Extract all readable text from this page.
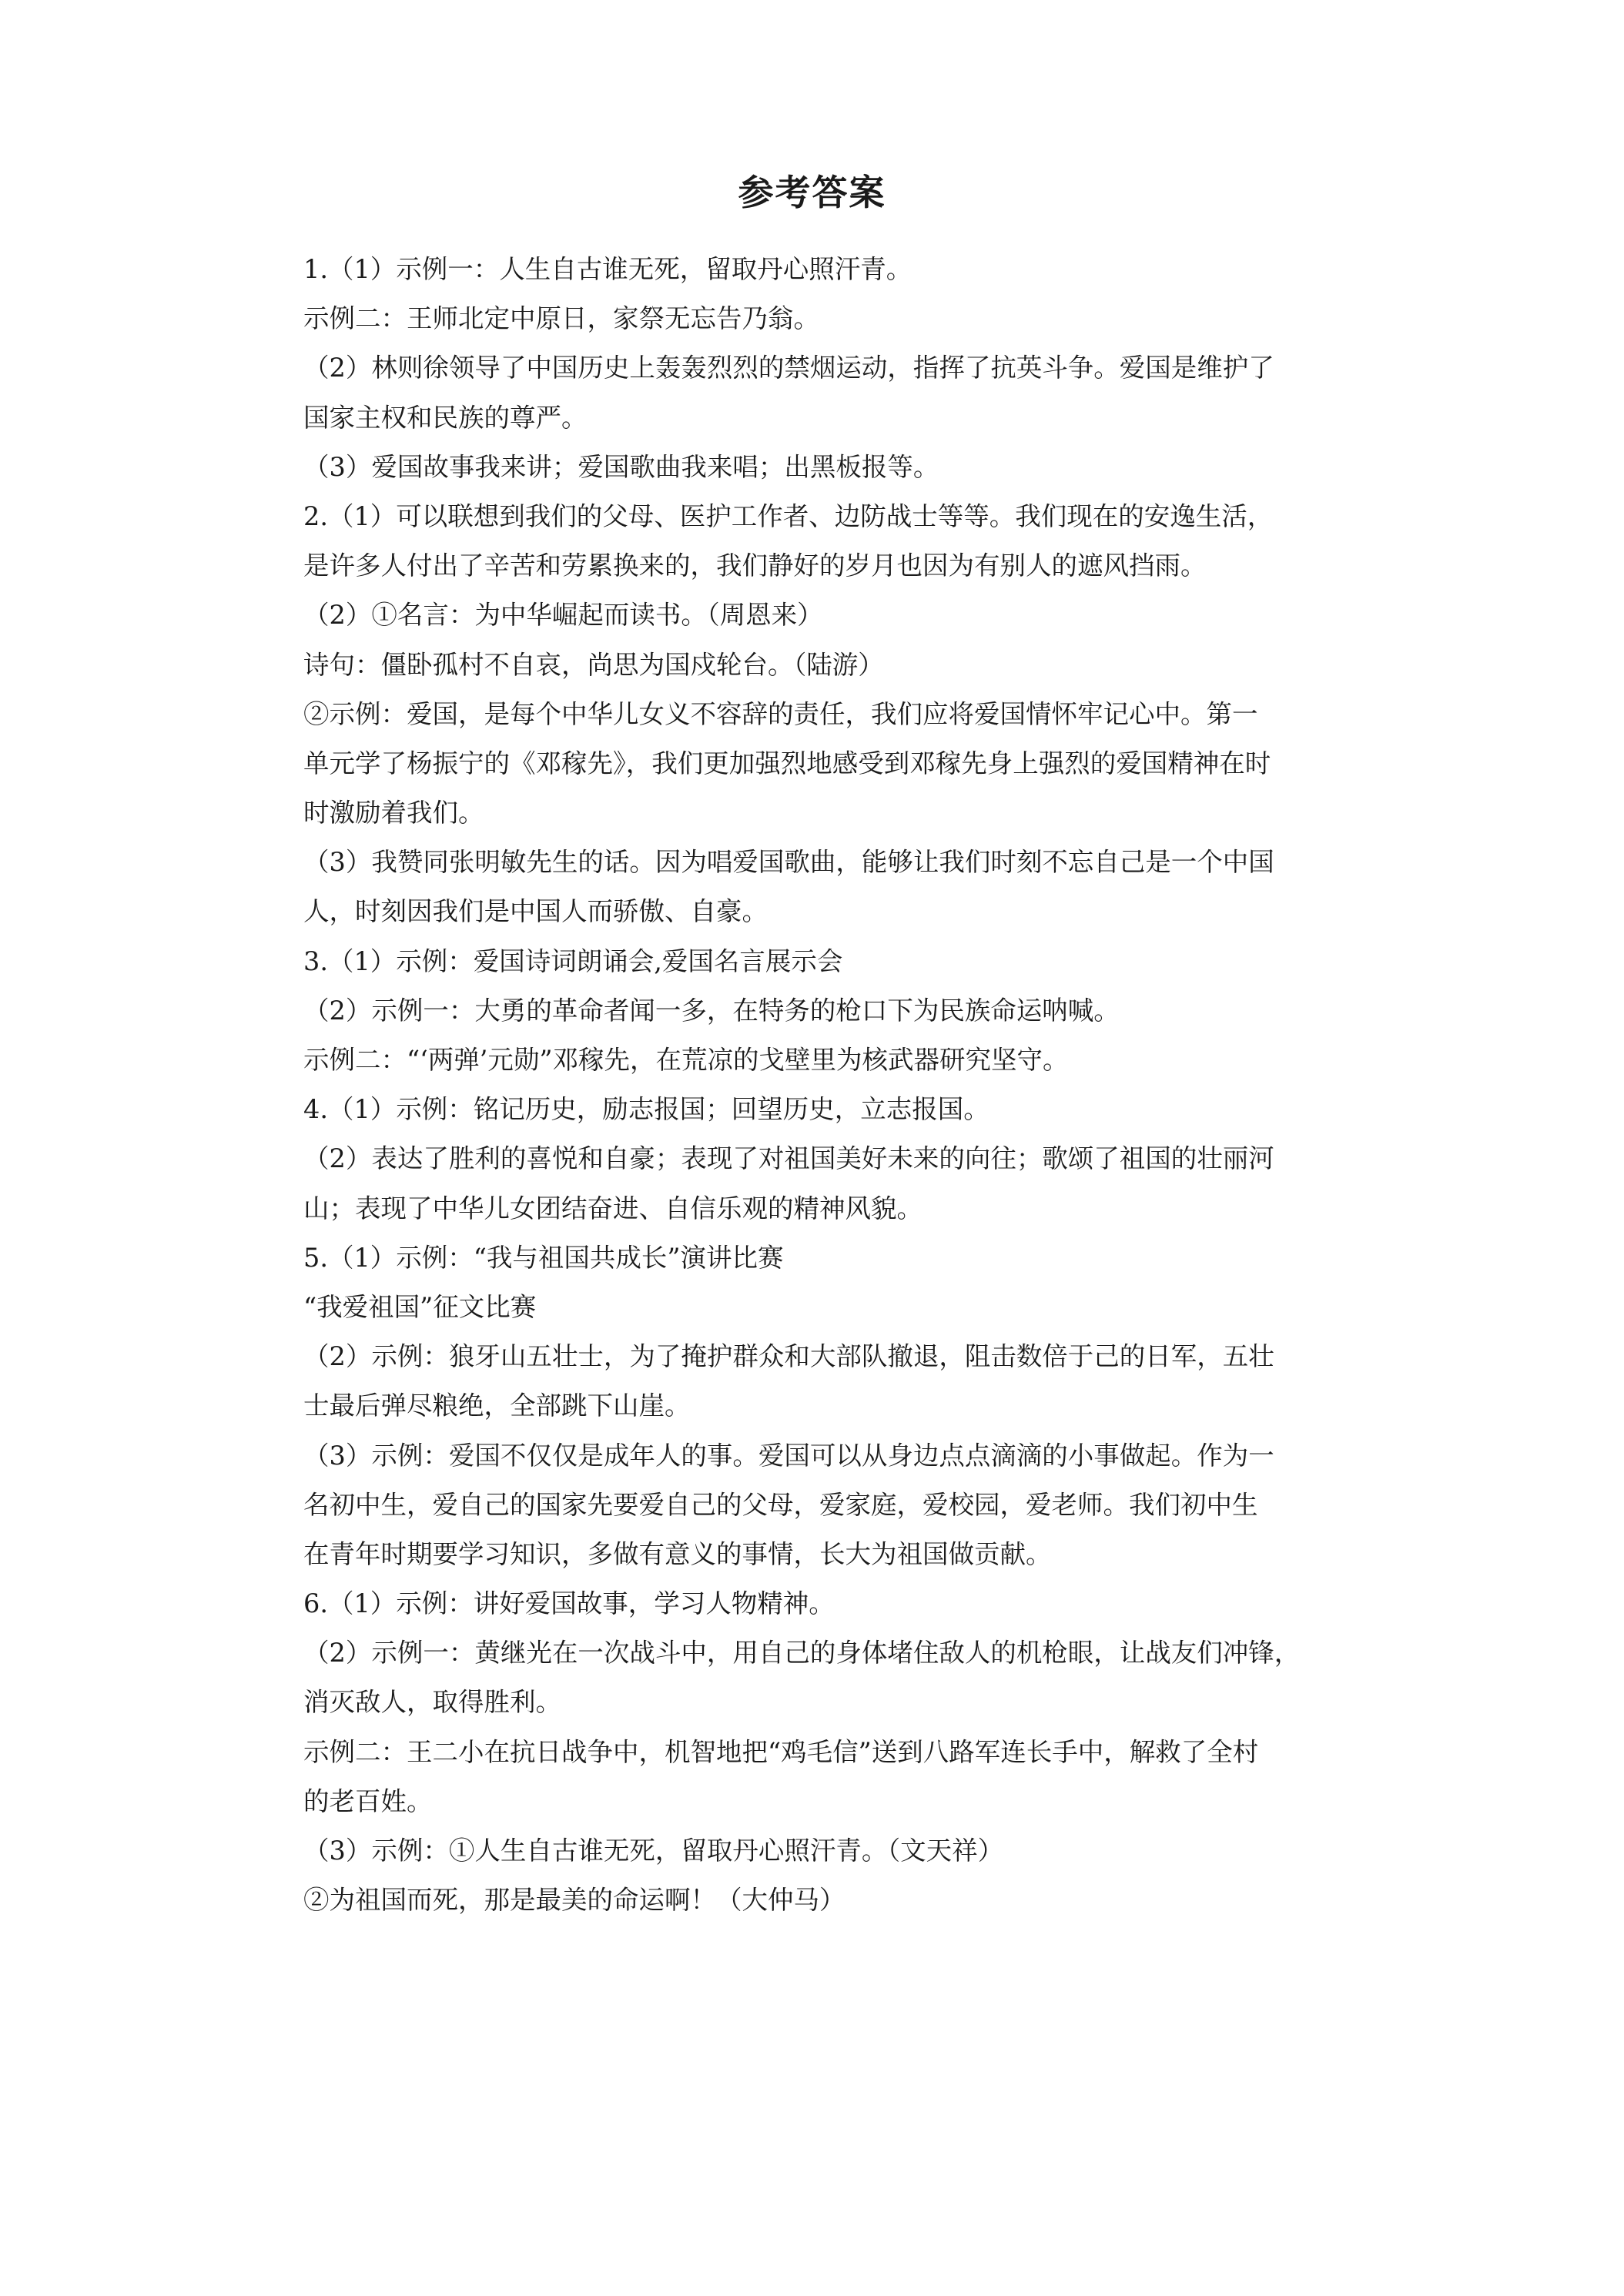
参考答案
1.（1）示例一：人生自古谁无死，留取丹心照汗青。
示例二：王师北定中原日，家祭无忘告乃翁。
（2）林则徐领导了中国历史上轰轰烈烈的禁烟运动，指挥了抗英斗争。爱国是维护了
国家主权和民族的尊严。
（3）爱国故事我来讲；爱国歌曲我来唱；出黑板报等。
2.（1）可以联想到我们的父母、医护工作者、边防战士等等。我们现在的安逸生活，
是许多人付出了辛苦和劳累换来的，我们静好的岁月也因为有别人的遮风挡雨。
（2）①名言：为中华崛起而读书。（周恩来）
诗句：僵卧孤村不自哀，尚思为国戍轮台。（陆游）
②示例：爱国，是每个中华儿女义不容辞的责任，我们应将爱国情怀牢记心中。第一
单元学了杨振宁的《邓稼先》，我们更加强烈地感受到邓稼先身上强烈的爱国精神在时
时激励着我们。
（3）我赞同张明敏先生的话。因为唱爱国歌曲，能够让我们时刻不忘自己是一个中国
人，时刻因我们是中国人而骄傲、自豪。
3.（1）示例：爱国诗词朗诵会,爱国名言展示会
（2）示例一：大勇的革命者闻一多，在特务的枪口下为民族命运呐喊。
示例二：“‘两弹’元勋”邓稼先，在荒凉的戈壁里为核武器研究坚守。
4.（1）示例：铭记历史，励志报国；回望历史，立志报国。
（2）表达了胜利的喜悦和自豪；表现了对祖国美好未来的向往；歌颂了祖国的壮丽河
山；表现了中华儿女团结奋进、自信乐观的精神风貌。
5.（1）示例：“我与祖国共成长”演讲比赛
“我爱祖国”征文比赛
（2）示例：狼牙山五壮士，为了掩护群众和大部队撤退，阻击数倍于己的日军，五壮
士最后弹尽粮绝，全部跳下山崖。
（3）示例：爱国不仅仅是成年人的事。爱国可以从身边点点滴滴的小事做起。作为一
名初中生，爱自己的国家先要爱自己的父母，爱家庭，爱校园，爱老师。我们初中生
在青年时期要学习知识，多做有意义的事情，长大为祖国做贡献。
6.（1）示例：讲好爱国故事，学习人物精神。
（2）示例一：黄继光在一次战斗中，用自己的身体堵住敌人的机枪眼，让战友们冲锋，
消灭敌人，取得胜利。
示例二：王二小在抗日战争中，机智地把“鸡毛信”送到八路军连长手中，解救了全村
的老百姓。
（3）示例：①人生自古谁无死，留取丹心照汗青。（文天祥）
②为祖国而死，那是最美的命运啊！（大仲马）
